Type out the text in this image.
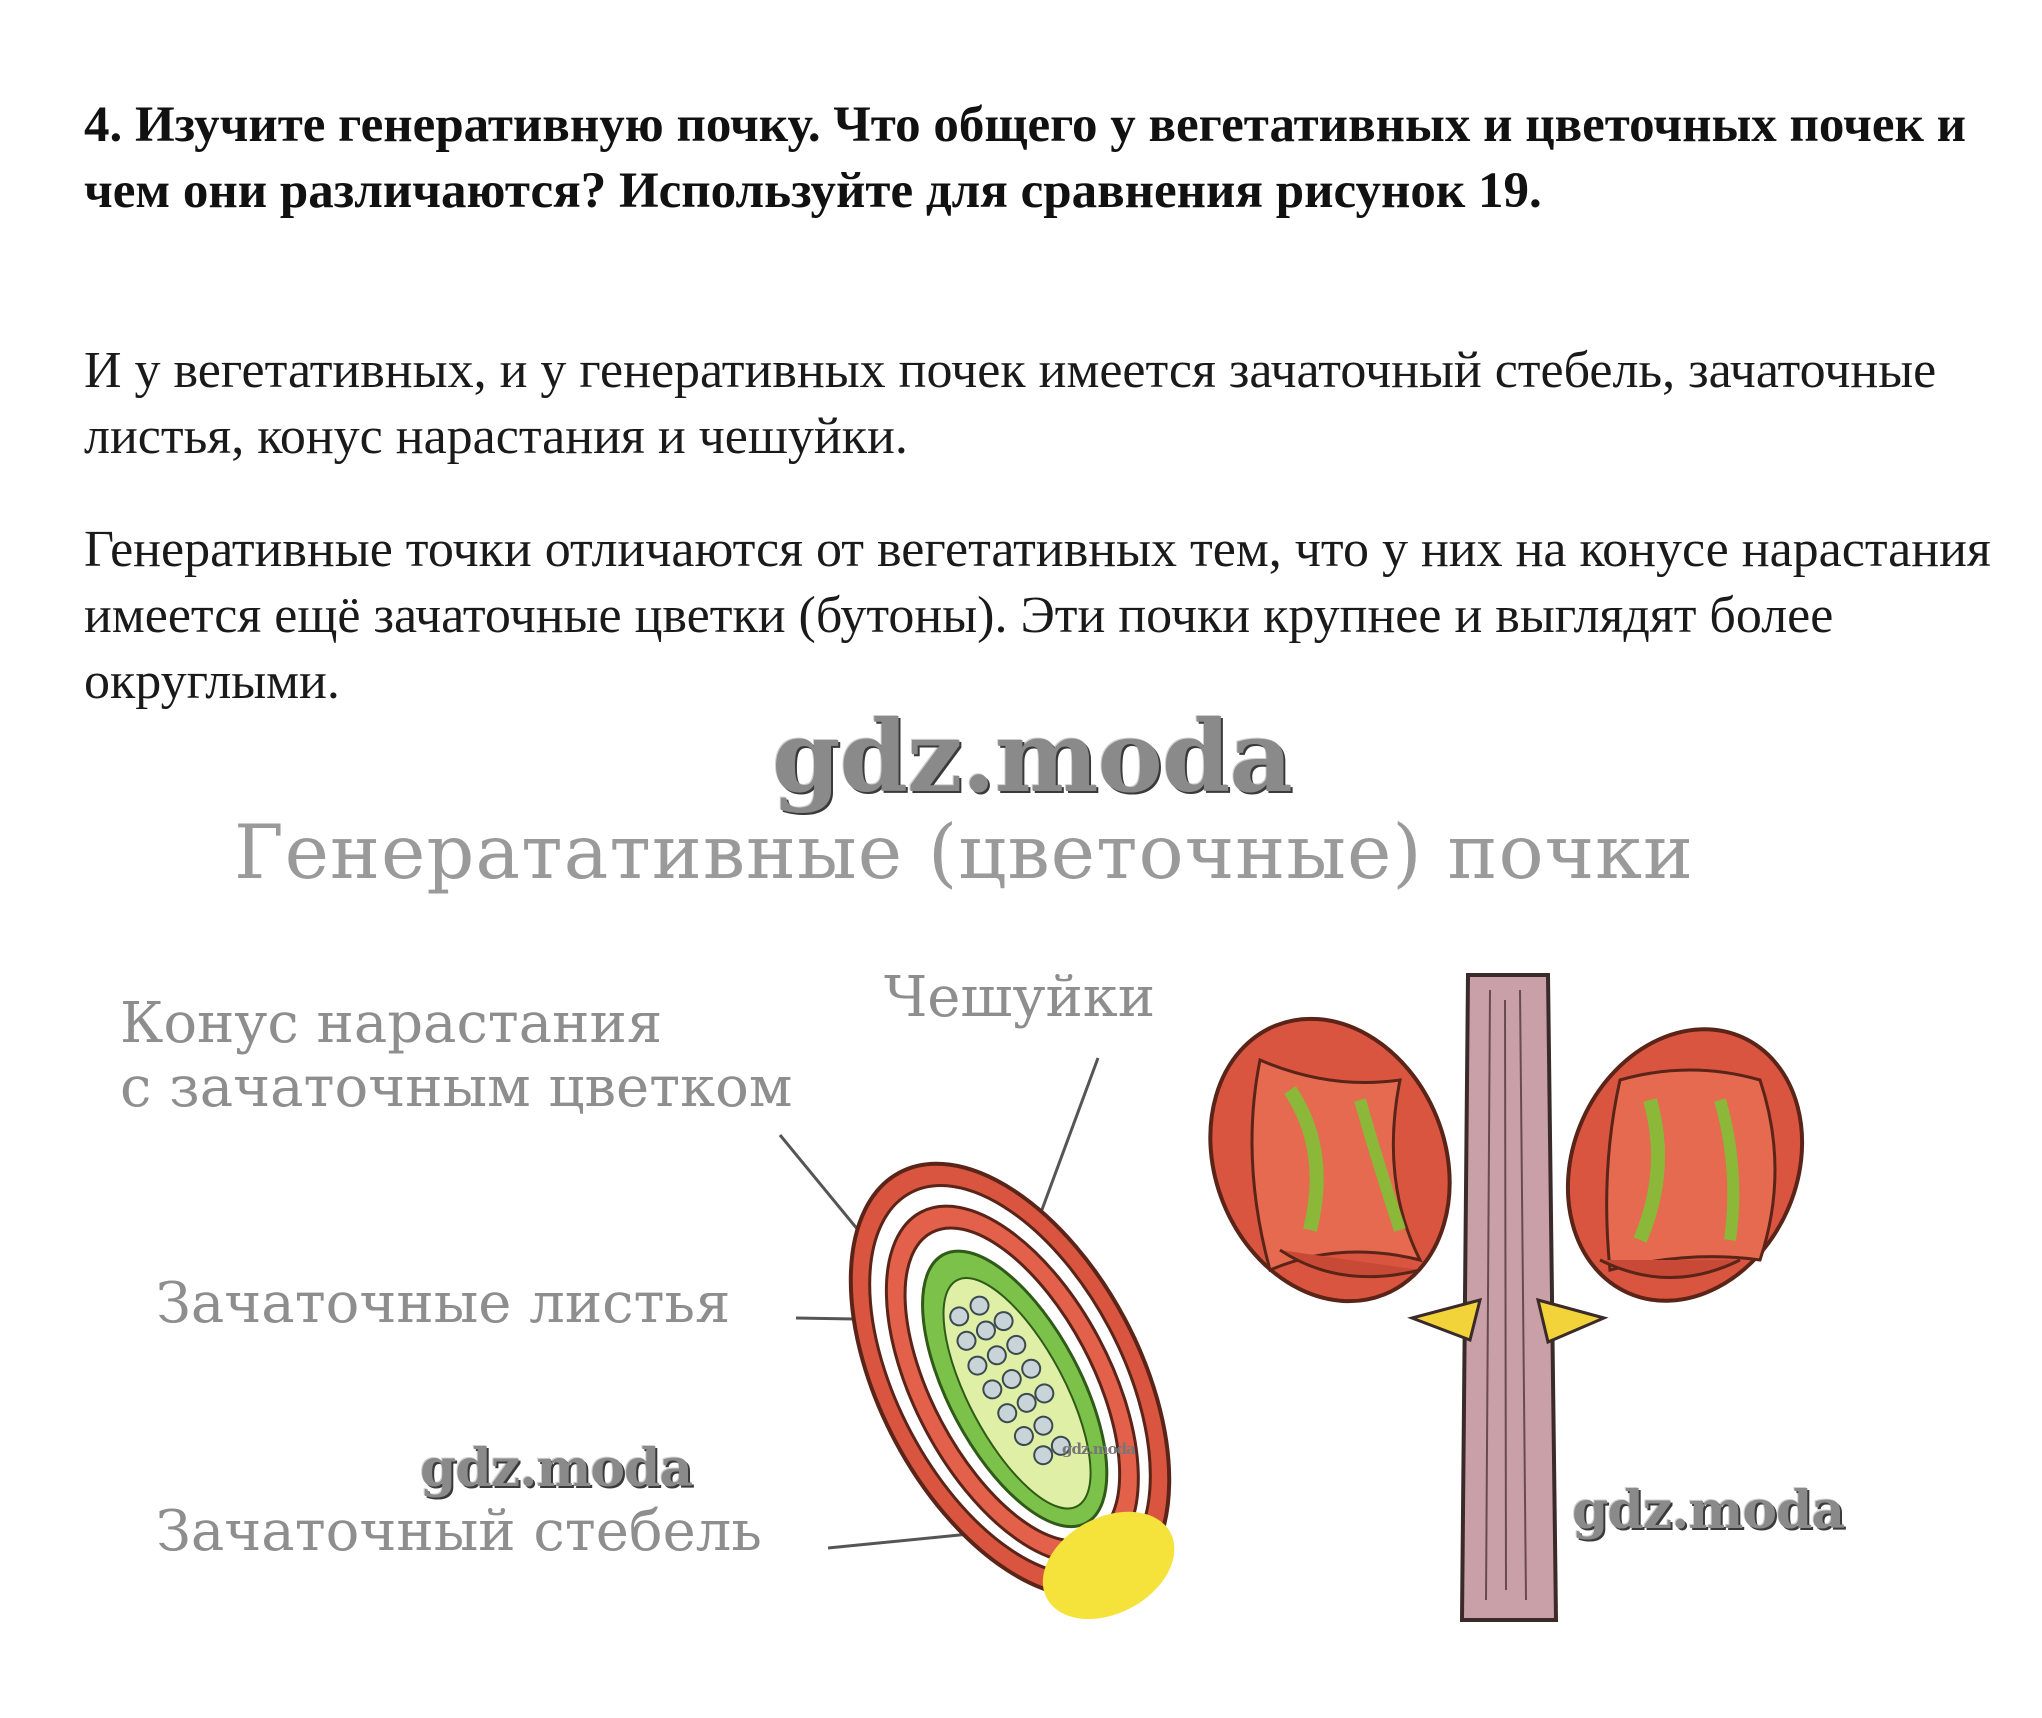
4. Изучите генеративную почку. Что общего у вегетативных и цветочных почек и чем они различаются? Используйте для сравнения рисунок 19.

И у вегетативных, и у генеративных почек имеется зачаточный стебель, зачаточные листья, конус нарастания и чешуйки.

Генеративные точки отличаются от вегетативных тем, что у них на конусе нарастания имеется ещё зачаточные цветки (бутоны). Эти почки крупнее и выглядят более округлыми.

gdz.moda
Генератативные (цветочные) почки
Конус нарастания
с зачаточным цветком
Чешуйки
Зачаточные листья
Зачаточный стебель
gdz.moda	gdz.moda
gdz.moda
